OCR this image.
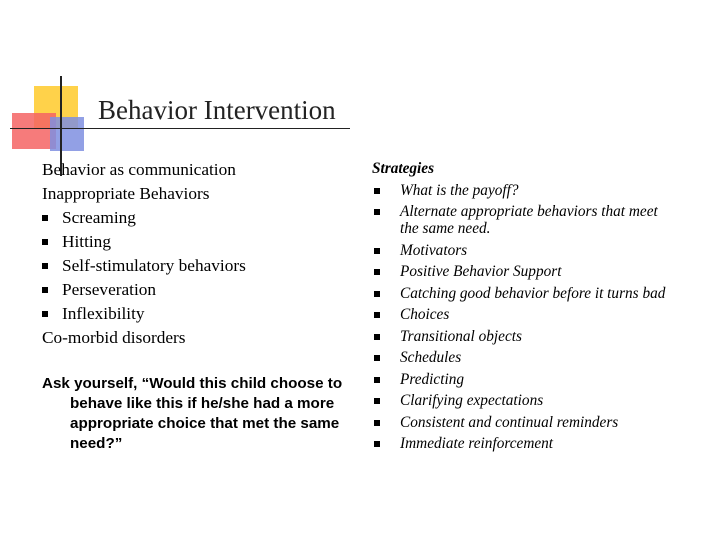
Behavior Intervention
Behavior as communication
Inappropriate Behaviors
Screaming
Hitting
Self-stimulatory behaviors
Perseveration
Inflexibility
Co-morbid disorders
Ask yourself, “Would this child choose to behave like this if he/she had a more appropriate choice that met the same need?”
Strategies
What is the payoff?
Alternate appropriate behaviors that meet the same need.
Motivators
Positive Behavior Support
Catching good behavior before it turns bad
Choices
Transitional objects
Schedules
Predicting
Clarifying expectations
Consistent and continual reminders
Immediate reinforcement
